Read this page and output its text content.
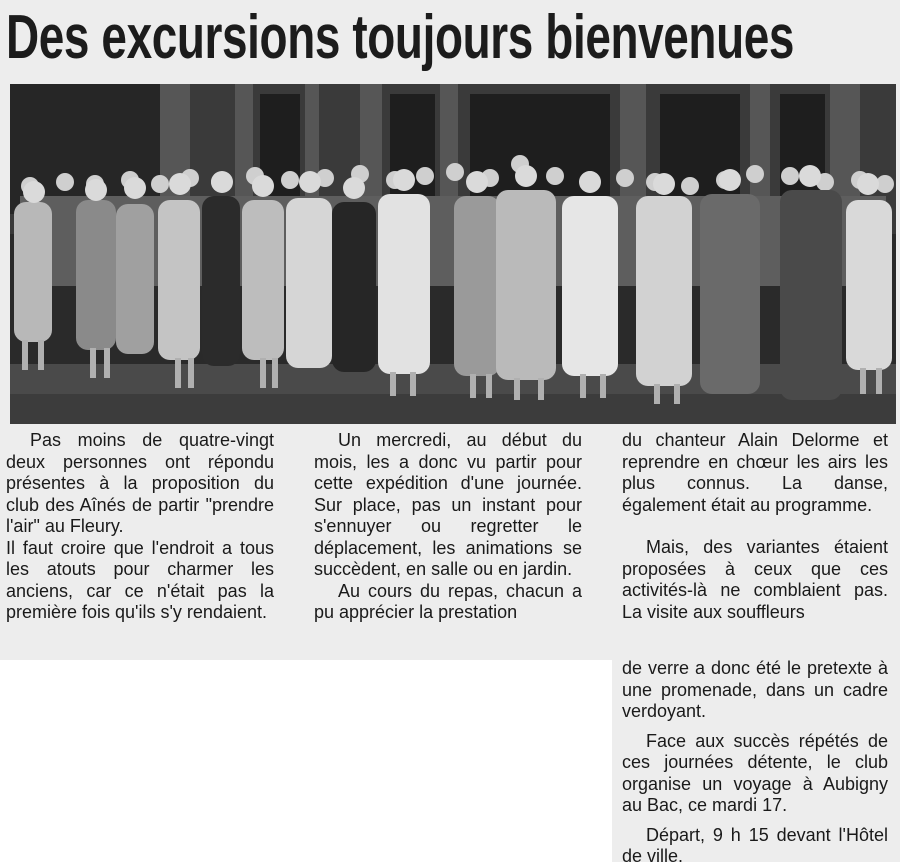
Des excursions toujours bienvenues

Pas moins de quatre-vingt deux personnes ont répondu présentes à la proposition du club des Aînés de partir "prendre l'air" au Fleury.

Il faut croire que l'endroit a tous les atouts pour charmer les anciens, car ce n'était pas la première fois qu'ils s'y rendaient.

Un mercredi, au début du mois, les a donc vu partir pour cette expédition d'une journée. Sur place, pas un instant pour s'ennuyer ou regretter le déplacement, les animations se succèdent, en salle ou en jardin.

Au cours du repas, chacun a pu apprécier la prestation

du chanteur Alain Delorme et reprendre en chœur les airs les plus connus. La danse, également était au programme.

Mais, des variantes étaient proposées à ceux que ces activités-là ne comblaient pas. La visite aux souffleurs

de verre a donc été le pretexte à une promenade, dans un cadre verdoyant.

Face aux succès répétés de ces journées détente, le club organise un voyage à Aubigny au Bac, ce mardi 17.

Départ, 9 h 15 devant l'Hôtel de ville.
